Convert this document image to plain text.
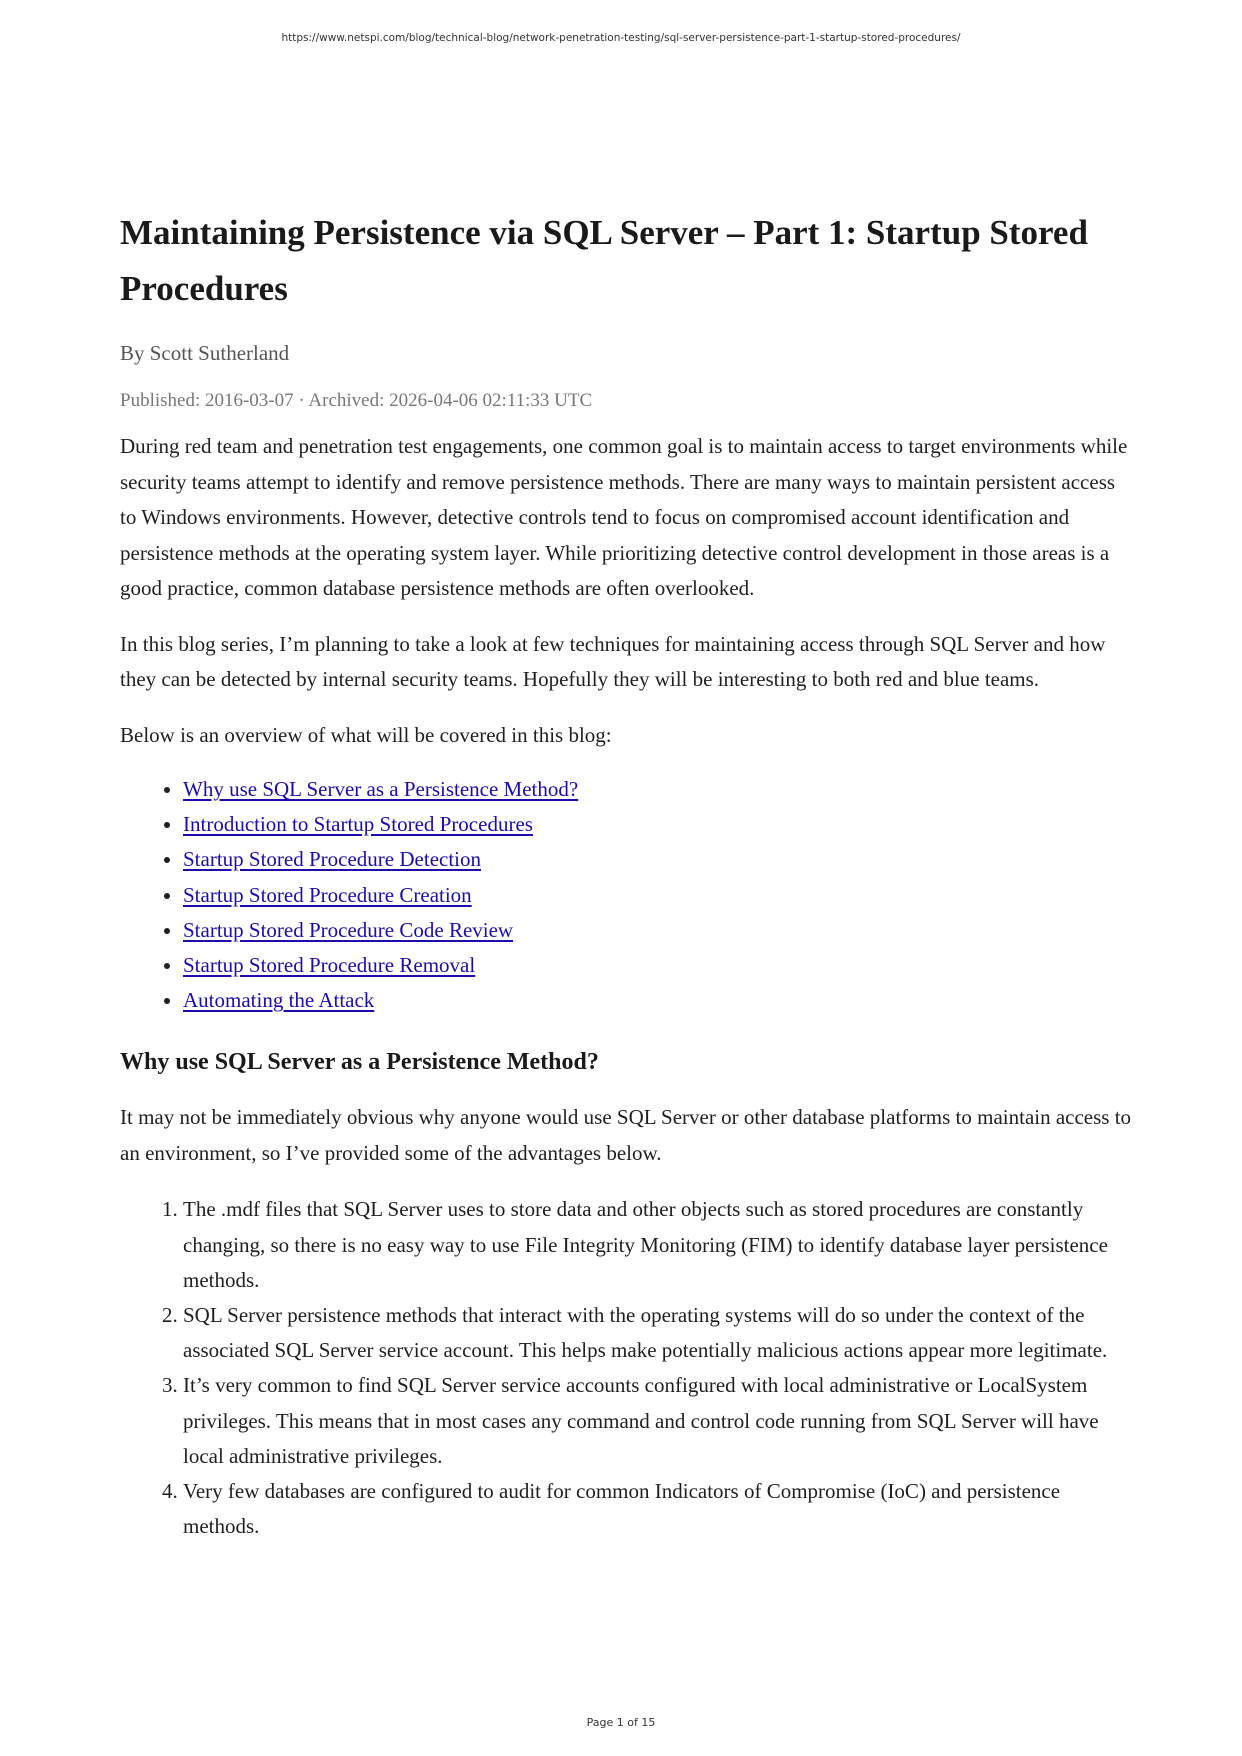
https://www.netspi.com/blog/technical-blog/network-penetration-testing/sql-server-persistence-part-1-startup-stored-procedures/
Maintaining Persistence via SQL Server – Part 1: Startup Stored Procedures
By Scott Sutherland
Published: 2016-03-07 · Archived: 2026-04-06 02:11:33 UTC

During red team and penetration test engagements, one common goal is to maintain access to target environments while security teams attempt to identify and remove persistence methods. There are many ways to maintain persistent access to Windows environments. However, detective controls tend to focus on compromised account identification and persistence methods at the operating system layer. While prioritizing detective control development in those areas is a good practice, common database persistence methods are often overlooked.

In this blog series, I’m planning to take a look at few techniques for maintaining access through SQL Server and how they can be detected by internal security teams. Hopefully they will be interesting to both red and blue teams.

Below is an overview of what will be covered in this blog:

• Why use SQL Server as a Persistence Method?
• Introduction to Startup Stored Procedures
• Startup Stored Procedure Detection
• Startup Stored Procedure Creation
• Startup Stored Procedure Code Review
• Startup Stored Procedure Removal
• Automating the Attack
Why use SQL Server as a Persistence Method?

It may not be immediately obvious why anyone would use SQL Server or other database platforms to maintain access to an environment, so I’ve provided some of the advantages below.

1. The .mdf files that SQL Server uses to store data and other objects such as stored procedures are constantly changing, so there is no easy way to use File Integrity Monitoring (FIM) to identify database layer persistence methods.
2. SQL Server persistence methods that interact with the operating systems will do so under the context of the associated SQL Server service account. This helps make potentially malicious actions appear more legitimate.
3. It’s very common to find SQL Server service accounts configured with local administrative or LocalSystem privileges. This means that in most cases any command and control code running from SQL Server will have local administrative privileges.
4. Very few databases are configured to audit for common Indicators of Compromise (IoC) and persistence methods.
Page 1 of 15
